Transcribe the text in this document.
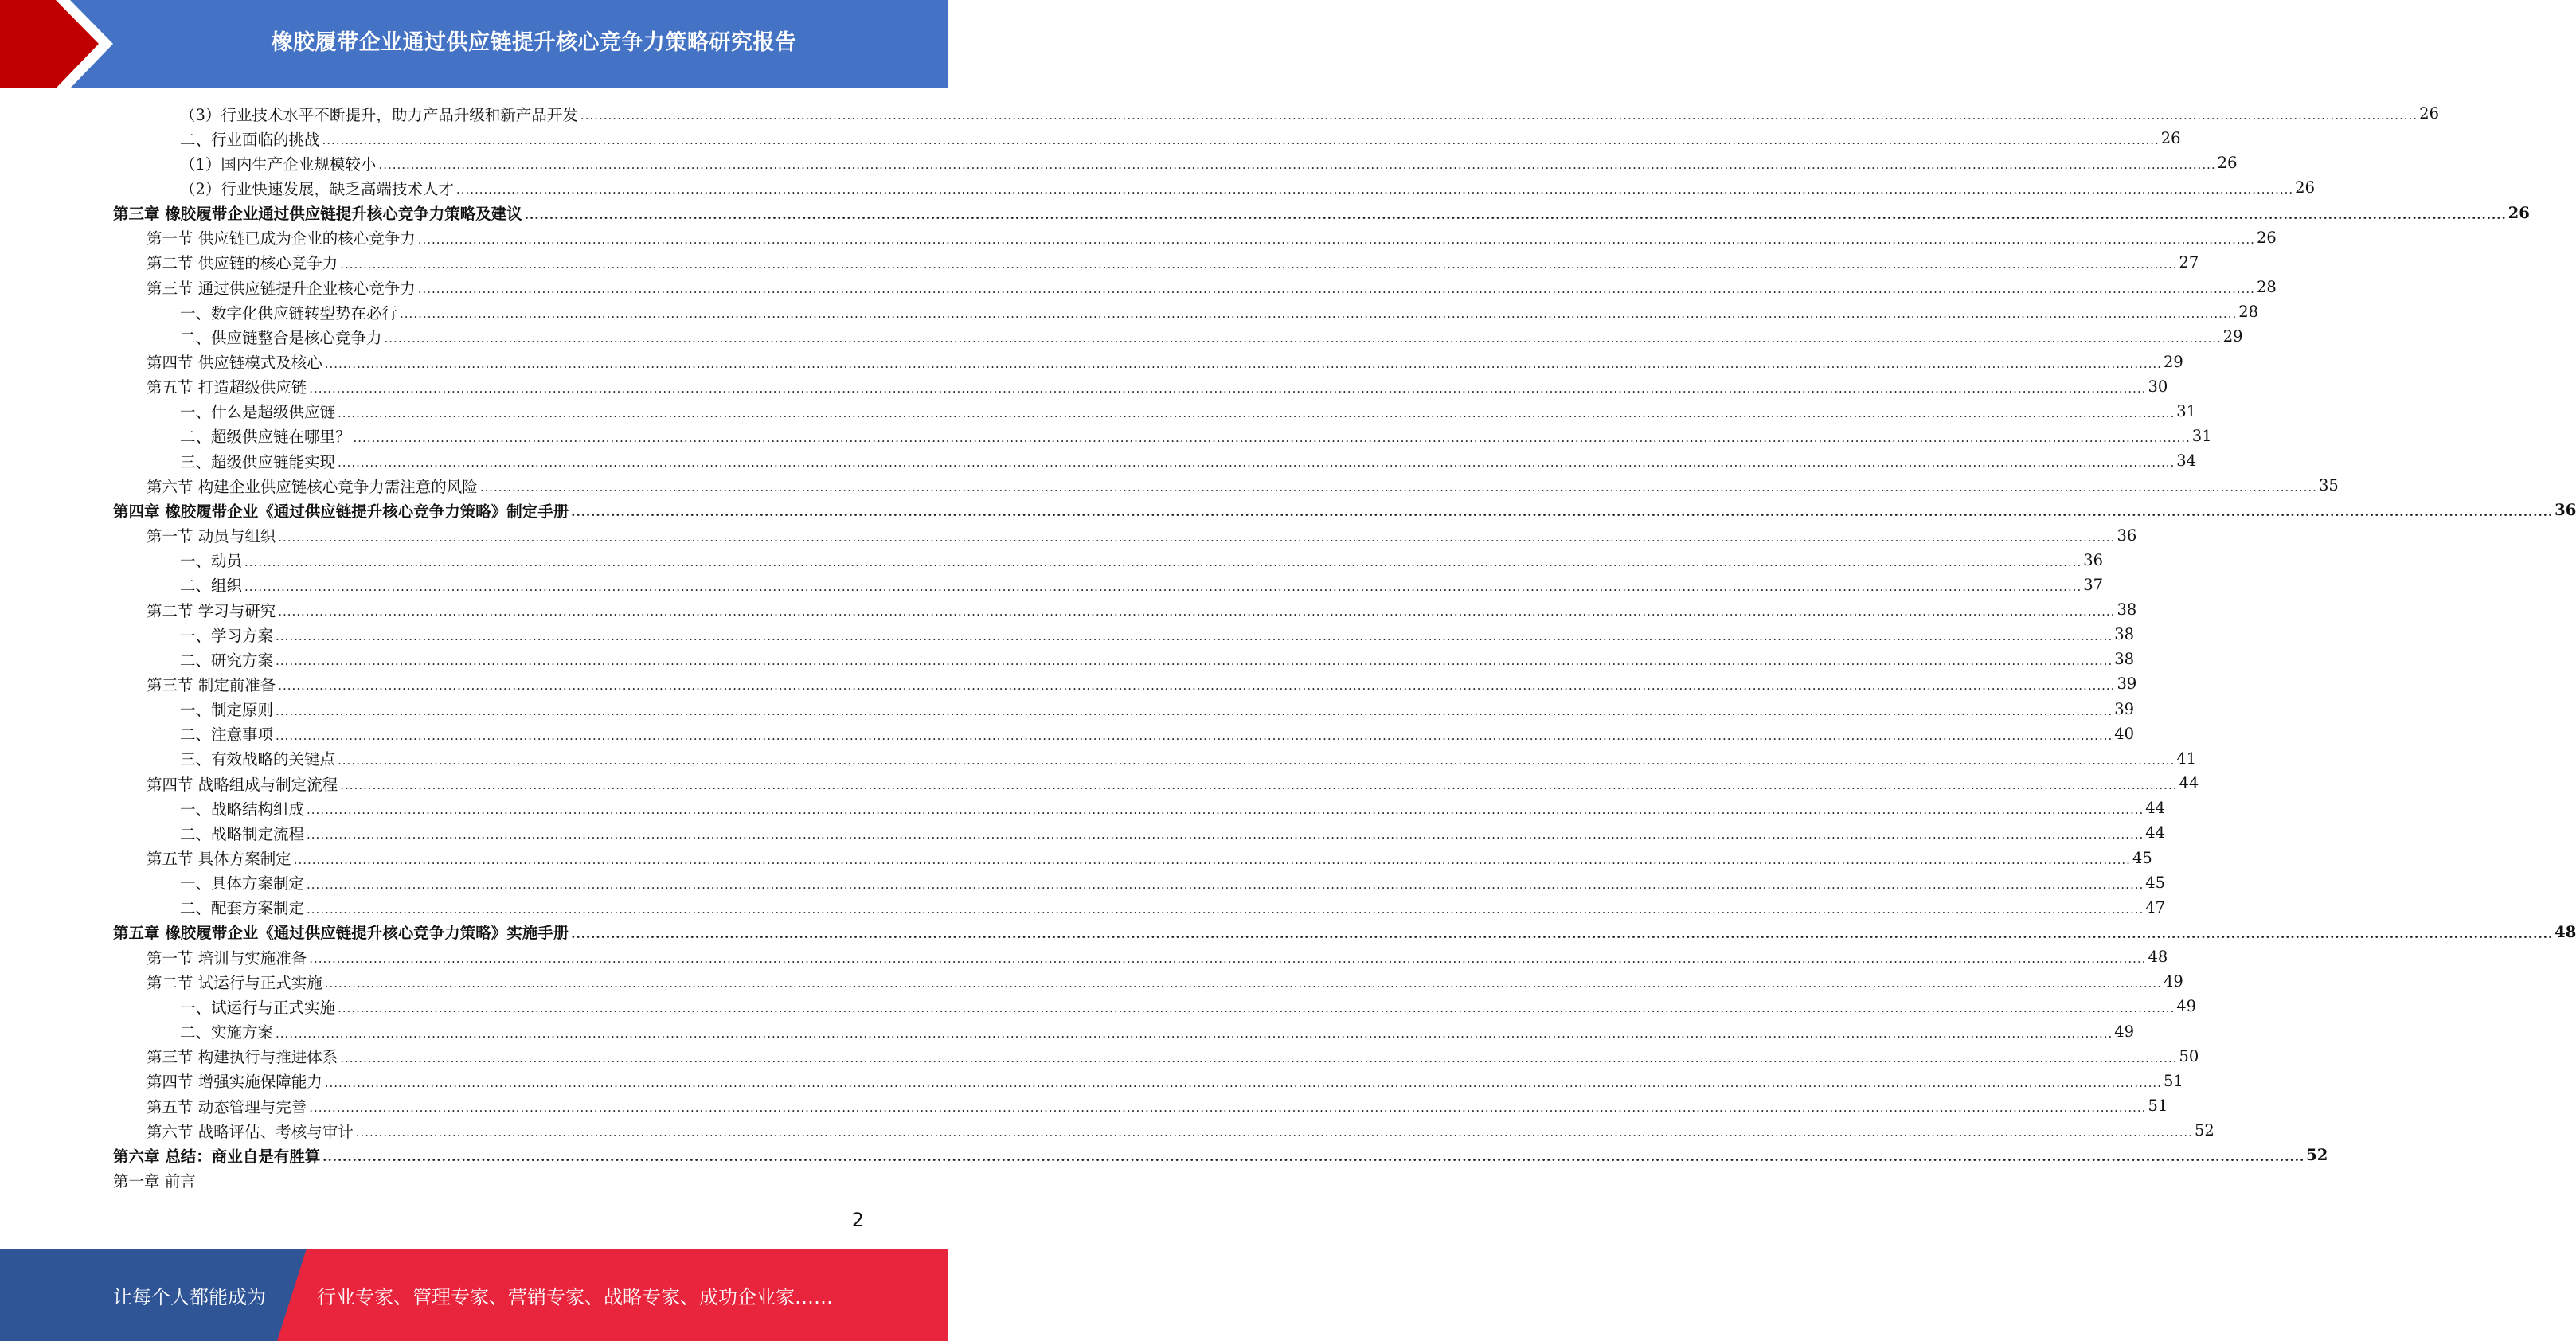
橡胶履带企业通过供应链提升核心竞争力策略研究报告
（3）行业技术水平不断提升，助力产品升级和新产品开发 ................................................................................................................................................................................................................................................................................................................................................................................................................ 26
二、行业面临的挑战 ................................................................................................................................................................................................................................................................................................................................................................................................................ 26
（1）国内生产企业规模较小 ................................................................................................................................................................................................................................................................................................................................................................................................................ 26
（2）行业快速发展，缺乏高端技术人才 ................................................................................................................................................................................................................................................................................................................................................................................................................ 26
第三章 橡胶履带企业通过供应链提升核心竞争力策略及建议 ................................................................................................................................................................................................................................................................................................................................................................................................................ 26
第一节 供应链已成为企业的核心竞争力 ................................................................................................................................................................................................................................................................................................................................................................................................................ 26
第二节 供应链的核心竞争力 ................................................................................................................................................................................................................................................................................................................................................................................................................ 27
第三节 通过供应链提升企业核心竞争力 ................................................................................................................................................................................................................................................................................................................................................................................................................ 28
一、数字化供应链转型势在必行 ................................................................................................................................................................................................................................................................................................................................................................................................................ 28
二、供应链整合是核心竞争力 ................................................................................................................................................................................................................................................................................................................................................................................................................ 29
第四节 供应链模式及核心 ................................................................................................................................................................................................................................................................................................................................................................................................................ 29
第五节 打造超级供应链 ................................................................................................................................................................................................................................................................................................................................................................................................................ 30
一、什么是超级供应链 ................................................................................................................................................................................................................................................................................................................................................................................................................ 31
二、超级供应链在哪里？ ................................................................................................................................................................................................................................................................................................................................................................................................................ 31
三、超级供应链能实现 ................................................................................................................................................................................................................................................................................................................................................................................................................ 34
第六节 构建企业供应链核心竞争力需注意的风险 ................................................................................................................................................................................................................................................................................................................................................................................................................ 35
第四章 橡胶履带企业《通过供应链提升核心竞争力策略》制定手册 ................................................................................................................................................................................................................................................................................................................................................................................................................ 36
第一节 动员与组织 ................................................................................................................................................................................................................................................................................................................................................................................................................ 36
一、动员 ................................................................................................................................................................................................................................................................................................................................................................................................................ 36
二、组织 ................................................................................................................................................................................................................................................................................................................................................................................................................ 37
第二节 学习与研究 ................................................................................................................................................................................................................................................................................................................................................................................................................ 38
一、学习方案 ................................................................................................................................................................................................................................................................................................................................................................................................................ 38
二、研究方案 ................................................................................................................................................................................................................................................................................................................................................................................................................ 38
第三节 制定前准备 ................................................................................................................................................................................................................................................................................................................................................................................................................ 39
一、制定原则 ................................................................................................................................................................................................................................................................................................................................................................................................................ 39
二、注意事项 ................................................................................................................................................................................................................................................................................................................................................................................................................ 40
三、有效战略的关键点 ................................................................................................................................................................................................................................................................................................................................................................................................................ 41
第四节 战略组成与制定流程 ................................................................................................................................................................................................................................................................................................................................................................................................................ 44
一、战略结构组成 ................................................................................................................................................................................................................................................................................................................................................................................................................ 44
二、战略制定流程 ................................................................................................................................................................................................................................................................................................................................................................................................................ 44
第五节 具体方案制定 ................................................................................................................................................................................................................................................................................................................................................................................................................ 45
一、具体方案制定 ................................................................................................................................................................................................................................................................................................................................................................................................................ 45
二、配套方案制定 ................................................................................................................................................................................................................................................................................................................................................................................................................ 47
第五章 橡胶履带企业《通过供应链提升核心竞争力策略》实施手册 ................................................................................................................................................................................................................................................................................................................................................................................................................ 48
第一节 培训与实施准备 ................................................................................................................................................................................................................................................................................................................................................................................................................ 48
第二节 试运行与正式实施 ................................................................................................................................................................................................................................................................................................................................................................................................................ 49
一、试运行与正式实施 ................................................................................................................................................................................................................................................................................................................................................................................................................ 49
二、实施方案 ................................................................................................................................................................................................................................................................................................................................................................................................................ 49
第三节 构建执行与推进体系 ................................................................................................................................................................................................................................................................................................................................................................................................................ 50
第四节 增强实施保障能力 ................................................................................................................................................................................................................................................................................................................................................................................................................ 51
第五节 动态管理与完善 ................................................................................................................................................................................................................................................................................................................................................................................................................ 51
第六节 战略评估、考核与审计 ................................................................................................................................................................................................................................................................................................................................................................................................................ 52
第六章 总结：商业自是有胜算 ................................................................................................................................................................................................................................................................................................................................................................................................................ 52
第一章 前言
2
让每个人都能成为	行业专家、管理专家、营销专家、战略专家、成功企业家……
